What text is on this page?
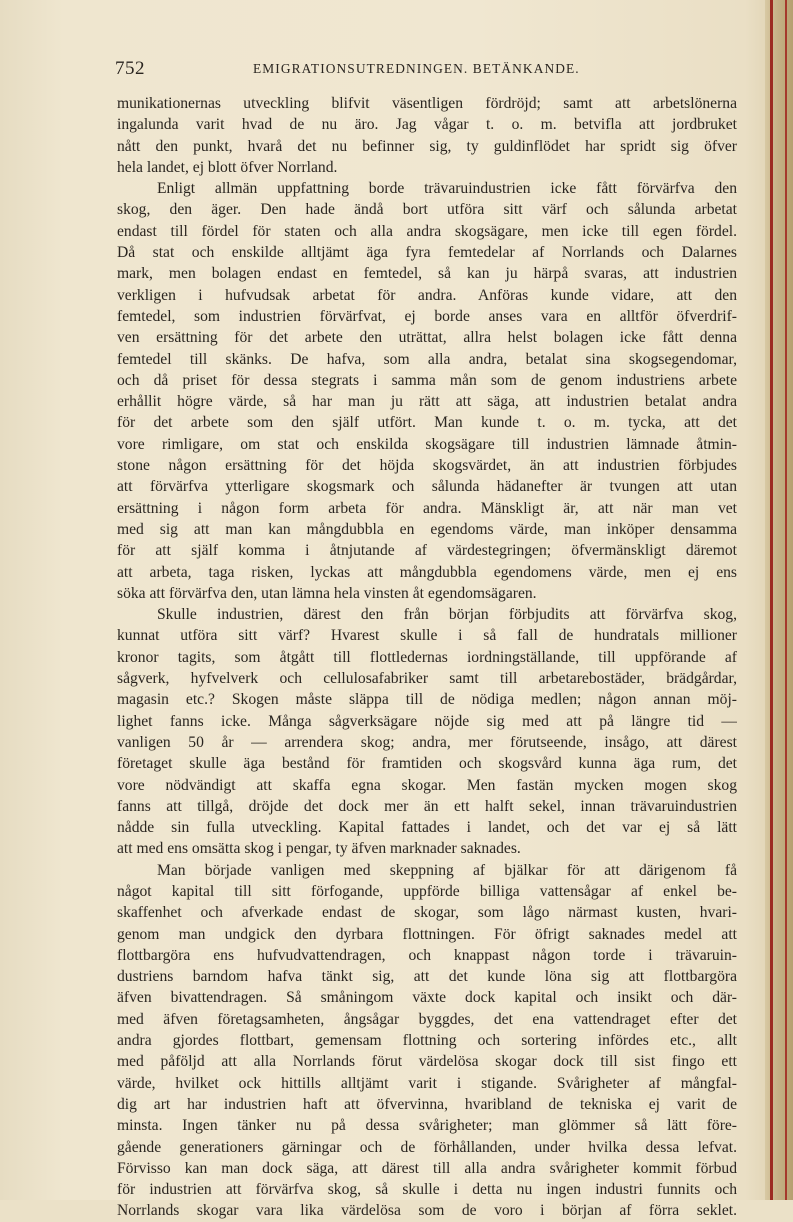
752	EMIGRATIONSUTREDNINGEN. BETÄNKANDE.
munikationernas utveckling blifvit väsentligen fördröjd; samt att arbetslönerna
ingalunda varit hvad de nu äro. Jag vågar t. o. m. betvifla att jordbruket
nått den punkt, hvarå det nu befinner sig, ty guldinflödet har spridt sig öfver
hela landet, ej blott öfver Norrland.
Enligt allmän uppfattning borde trävaruindustrien icke fått förvärfva den
skog, den äger. Den hade ändå bort utföra sitt värf och sålunda arbetat
endast till fördel för staten och alla andra skogsägare, men icke till egen fördel.
Då stat och enskilde alltjämt äga fyra femtedelar af Norrlands och Dalarnes
mark, men bolagen endast en femtedel, så kan ju härpå svaras, att industrien
verkligen i hufvudsak arbetat för andra. Anföras kunde vidare, att den
femtedel, som industrien förvärfvat, ej borde anses vara en alltför öfverdrif-
ven ersättning för det arbete den uträttat, allra helst bolagen icke fått denna
femtedel till skänks. De hafva, som alla andra, betalat sina skogsegendomar,
och då priset för dessa stegrats i samma mån som de genom industriens arbete
erhållit högre värde, så har man ju rätt att säga, att industrien betalat andra
för det arbete som den själf utfört. Man kunde t. o. m. tycka, att det
vore rimligare, om stat och enskilda skogsägare till industrien lämnade åtmin-
stone någon ersättning för det höjda skogsvärdet, än att industrien förbjudes
att förvärfva ytterligare skogsmark och sålunda hädanefter är tvungen att utan
ersättning i någon form arbeta för andra. Mänskligt är, att när man vet
med sig att man kan mångdubbla en egendoms värde, man inköper densamma
för att själf komma i åtnjutande af värdestegringen; öfvermänskligt däremot
att arbeta, taga risken, lyckas att mångdubbla egendomens värde, men ej ens
söka att förvärfva den, utan lämna hela vinsten åt egendomsägaren.
Skulle industrien, därest den från början förbjudits att förvärfva skog,
kunnat utföra sitt värf? Hvarest skulle i så fall de hundratals millioner
kronor tagits, som åtgått till flottledernas iordningställande, till uppförande af
sågverk, hyfvelverk och cellulosafabriker samt till arbetarebostäder, brädgårdar,
magasin etc.? Skogen måste släppa till de nödiga medlen; någon annan möj-
lighet fanns icke. Många sågverksägare nöjde sig med att på längre tid —
vanligen 50 år — arrendera skog; andra, mer förutseende, insågo, att därest
företaget skulle äga bestånd för framtiden och skogsvård kunna äga rum, det
vore nödvändigt att skaffa egna skogar. Men fastän mycken mogen skog
fanns att tillgå, dröjde det dock mer än ett halft sekel, innan trävaruindustrien
nådde sin fulla utveckling. Kapital fattades i landet, och det var ej så lätt
att med ens omsätta skog i pengar, ty äfven marknader saknades.
Man började vanligen med skeppning af bjälkar för att därigenom få
något kapital till sitt förfogande, uppförde billiga vattensågar af enkel be-
skaffenhet och afverkade endast de skogar, som lågo närmast kusten, hvari-
genom man undgick den dyrbara flottningen. För öfrigt saknades medel att
flottbargöra ens hufvudvattendragen, och knappast någon torde i trävaruin-
dustriens barndom hafva tänkt sig, att det kunde löna sig att flottbargöra
äfven bivattendragen. Så småningom växte dock kapital och insikt och där-
med äfven företagsamheten, ångsågar byggdes, det ena vattendraget efter det
andra gjordes flottbart, gemensam flottning och sortering infördes etc., allt
med påföljd att alla Norrlands förut värdelösa skogar dock till sist fingo ett
värde, hvilket ock hittills alltjämt varit i stigande. Svårigheter af mångfal-
dig art har industrien haft att öfvervinna, hvaribland de tekniska ej varit de
minsta. Ingen tänker nu på dessa svårigheter; man glömmer så lätt före-
gående generationers gärningar och de förhållanden, under hvilka dessa lefvat.
Förvisso kan man dock säga, att därest till alla andra svårigheter kommit förbud
för industrien att förvärfva skog, så skulle i detta nu ingen industri funnits och
Norrlands skogar vara lika värdelösa som de voro i början af förra seklet.
